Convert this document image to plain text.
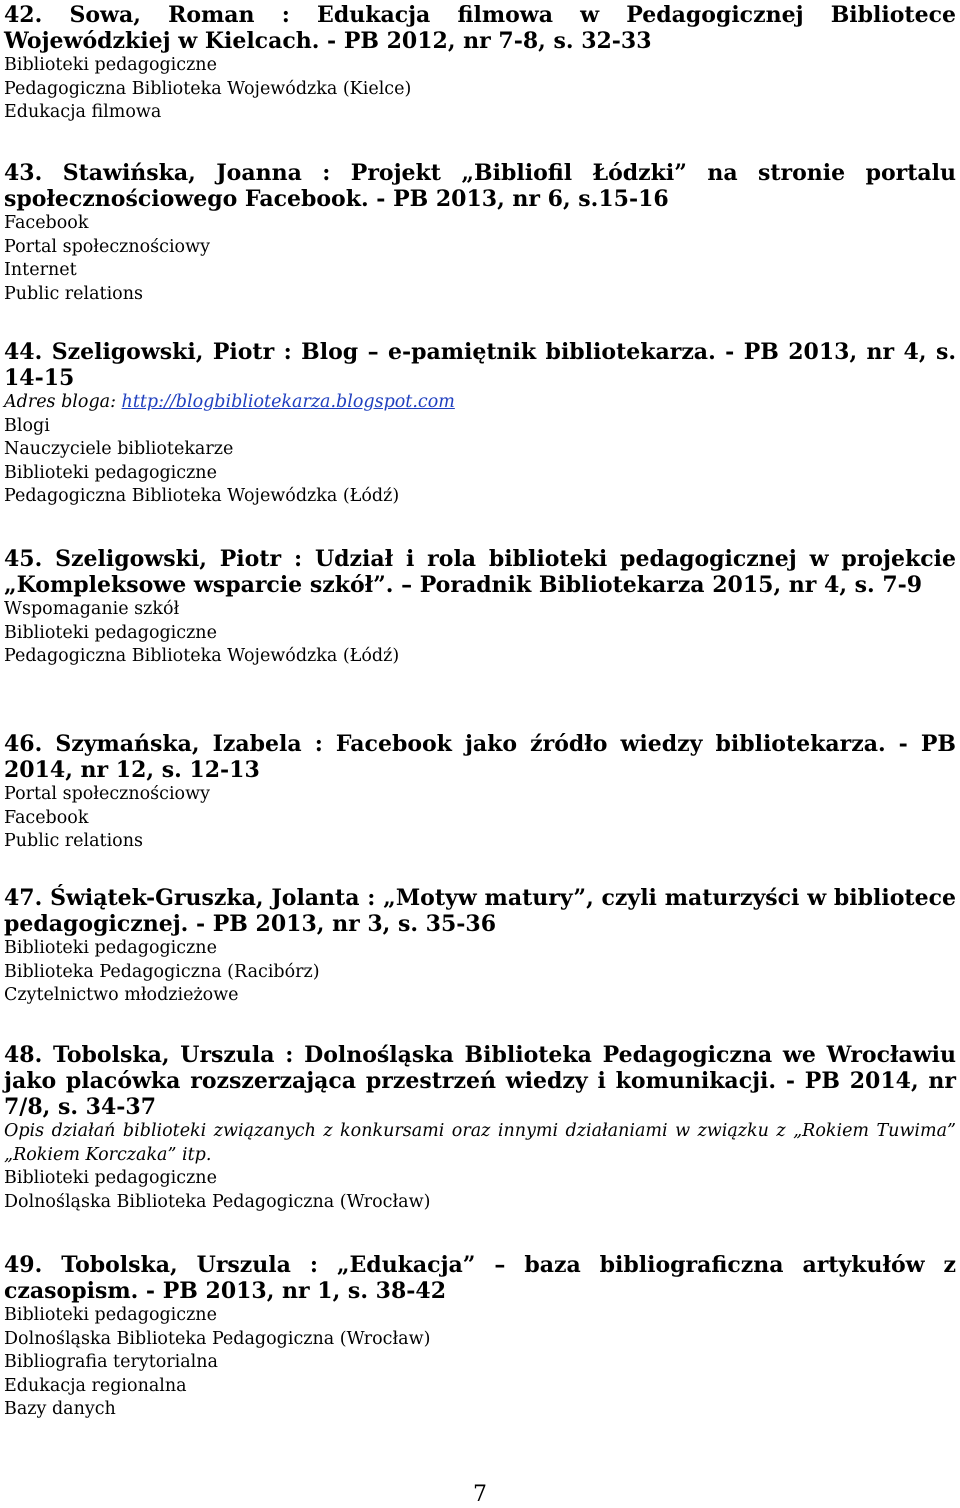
42. Sowa, Roman : Edukacja filmowa w Pedagogicznej Bibliotece Wojewódzkiej w Kielcach. - PB 2012, nr 7-8, s. 32-33

Biblioteki pedagogiczne

Pedagogiczna Biblioteka Wojewódzka (Kielce)

Edukacja filmowa

43. Stawińska, Joanna : Projekt „Bibliofil Łódzki” na stronie portalu społecznościowego Facebook. - PB 2013, nr 6, s.15-16

Facebook

Portal społecznościowy

Internet

Public relations

44. Szeligowski, Piotr : Blog – e-pamiętnik bibliotekarza. - PB 2013, nr 4, s. 14-15

Adres bloga: http://blogbibliotekarza.blogspot.com

Blogi

Nauczyciele bibliotekarze

Biblioteki pedagogiczne

Pedagogiczna Biblioteka Wojewódzka (Łódź)

45. Szeligowski, Piotr : Udział i rola biblioteki pedagogicznej w projekcie „Kompleksowe wsparcie szkół”. – Poradnik Bibliotekarza 2015, nr 4, s. 7-9

Wspomaganie szkół

Biblioteki pedagogiczne

Pedagogiczna Biblioteka Wojewódzka (Łódź)

46. Szymańska, Izabela : Facebook jako źródło wiedzy bibliotekarza. - PB 2014, nr 12, s. 12-13

Portal społecznościowy

Facebook

Public relations

47. Świątek-Gruszka, Jolanta : „Motyw matury”, czyli maturzyści w bibliotece pedagogicznej. - PB 2013, nr 3, s. 35-36

Biblioteki pedagogiczne

Biblioteka Pedagogiczna (Racibórz)

Czytelnictwo młodzieżowe

48. Tobolska, Urszula : Dolnośląska Biblioteka Pedagogiczna we Wrocławiu jako placówka rozszerzająca przestrzeń wiedzy i komunikacji. - PB 2014, nr 7/8, s. 34-37

Opis działań biblioteki związanych z konkursami oraz innymi działaniami w związku z „Rokiem Tuwima” „Rokiem Korczaka” itp.

Biblioteki pedagogiczne

Dolnośląska Biblioteka Pedagogiczna (Wrocław)

49. Tobolska, Urszula : „Edukacja” – baza bibliograficzna artykułów z czasopism. - PB 2013, nr 1, s. 38-42

Biblioteki pedagogiczne

Dolnośląska Biblioteka Pedagogiczna (Wrocław)

Bibliografia terytorialna

Edukacja regionalna

Bazy danych

7
